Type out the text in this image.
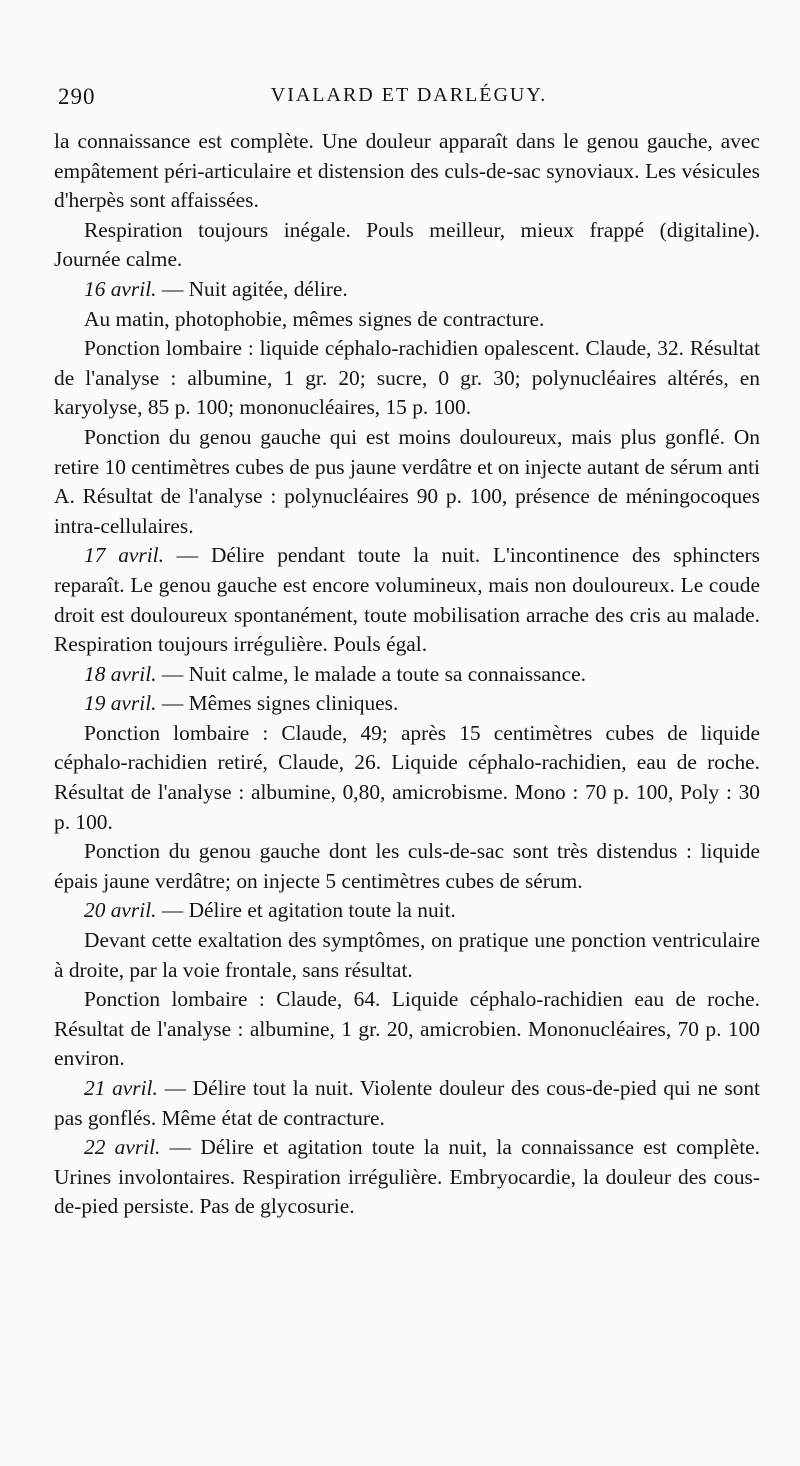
290	VIALARD ET DARLÉGUY.

la connaissance est complète. Une douleur apparaît dans le genou gauche, avec empâtement péri-articulaire et distension des culs-de-sac synoviaux. Les vésicules d'herpès sont affaissées.

Respiration toujours inégale. Pouls meilleur, mieux frappé (digitaline). Journée calme.

16 avril. — Nuit agitée, délire.

Au matin, photophobie, mêmes signes de contracture.

Ponction lombaire : liquide céphalo-rachidien opalescent. Claude, 32. Résultat de l'analyse : albumine, 1 gr. 20; sucre, 0 gr. 30; polynucléaires altérés, en karyolyse, 85 p. 100; mononucléaires, 15 p. 100.

Ponction du genou gauche qui est moins douloureux, mais plus gonflé. On retire 10 centimètres cubes de pus jaune verdâtre et on injecte autant de sérum anti A. Résultat de l'analyse : polynucléaires 90 p. 100, présence de méningocoques intra-cellulaires.

17 avril. — Délire pendant toute la nuit. L'incontinence des sphincters reparaît. Le genou gauche est encore volumineux, mais non douloureux. Le coude droit est douloureux spontanément, toute mobilisation arrache des cris au malade. Respiration toujours irrégulière. Pouls égal.

18 avril. — Nuit calme, le malade a toute sa connaissance.

19 avril. — Mêmes signes cliniques.

Ponction lombaire : Claude, 49; après 15 centimètres cubes de liquide céphalo-rachidien retiré, Claude, 26. Liquide céphalo-rachidien, eau de roche. Résultat de l'analyse : albumine, 0,80, amicrobisme. Mono : 70 p. 100, Poly : 30 p. 100.

Ponction du genou gauche dont les culs-de-sac sont très distendus : liquide épais jaune verdâtre; on injecte 5 centimètres cubes de sérum.

20 avril. — Délire et agitation toute la nuit.

Devant cette exaltation des symptômes, on pratique une ponction ventriculaire à droite, par la voie frontale, sans résultat.

Ponction lombaire : Claude, 64. Liquide céphalo-rachidien eau de roche. Résultat de l'analyse : albumine, 1 gr. 20, amicrobien. Mononucléaires, 70 p. 100 environ.

21 avril. — Délire tout la nuit. Violente douleur des cous-de-pied qui ne sont pas gonflés. Même état de contracture.

22 avril. — Délire et agitation toute la nuit, la connaissance est complète. Urines involontaires. Respiration irrégulière. Embryocardie, la douleur des cous-de-pied persiste. Pas de glycosurie.
